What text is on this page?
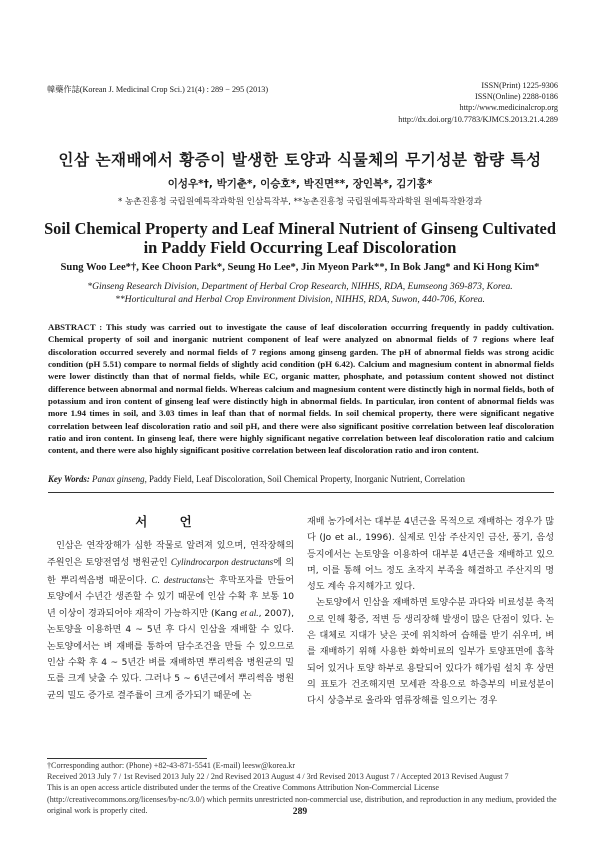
韓藥作誌(Korean J. Medicinal Crop Sci.) 21(4) : 289 − 295 (2013)	ISSN(Print) 1225-9306
ISSN(Online) 2288-0186
http://www.medicinalcrop.org
http://dx.doi.org/10.7783/KJMCS.2013.21.4.289
인삼 논재배에서 황증이 발생한 토양과 식물체의 무기성분 함량 특성
이성우*†, 박기춘*, 이승호*, 박진면**, 장인복*, 김기홍*
* 농촌진흥청 국립원예특작과학원 인삼특작부, **농촌진흥청 국립원예특작과학원 원예특작환경과
Soil Chemical Property and Leaf Mineral Nutrient of Ginseng Cultivated
in Paddy Field Occurring Leaf Discoloration
Sung Woo Lee*†, Kee Choon Park*, Seung Ho Lee*, Jin Myeon Park**, In Bok Jang* and Ki Hong Kim*
*Ginseng Research Division, Department of Herbal Crop Research, NIHHS, RDA, Eumseong 369-873, Korea.
**Horticultural and Herbal Crop Environment Division, NIHHS, RDA, Suwon, 440-706, Korea.
ABSTRACT : This study was carried out to investigate the cause of leaf discoloration occurring frequently in paddy cultivation. Chemical property of soil and inorganic nutrient component of leaf were analyzed on abnormal fields of 7 regions where leaf discoloration occurred severely and normal fields of 7 regions among ginseng garden. The pH of abnormal fields was strong acidic condition (pH 5.51) compare to normal fields of slightly acid condition (pH 6.42). Calcium and magnesium content in abnormal fields were lower distinctly than that of normal fields, while EC, organic matter, phosphate, and potassium content showed not distinct difference between abnormal and normal fields. Whereas calcium and magnesium content were distinctly high in normal fields, both of potassium and iron content of ginseng leaf were distinctly high in abnormal fields. In particular, iron content of abnormal fields was more 1.94 times in soil, and 3.03 times in leaf than that of normal fields. In soil chemical property, there were significant negative correlation between leaf discoloration ratio and soil pH, and there were also significant positive correlation between leaf discoloration ratio and iron content. In ginseng leaf, there were highly significant negative correlation between leaf discoloration ratio and calcium content, and there were also highly significant positive correlation between leaf discoloration ratio and iron content.
Key Words: Panax ginseng, Paddy Field, Leaf Discoloration, Soil Chemical Property, Inorganic Nutrient, Correlation
서 언

인삼은 연작장해가 심한 작물로 알려져 있으며, 연작장해의 주원인은 토양전염성 병원균인 Cylindrocarpon destructans에 의한 뿌리썩음병 때문이다. C. destructans는 후막포자를 만들어 토양에서 수년간 생존할 수 있기 때문에 인삼 수확 후 보통 10년 이상이 경과되어야 재작이 가능하지만 (Kang et al., 2007), 논토양을 이용하면 4 ~ 5년 후 다시 인삼을 재배할 수 있다. 논토양에서는 벼 재배를 통하여 담수조건을 만들 수 있으므로 인삼 수확 후 4 ~ 5년간 벼를 재배하면 뿌리썩음 병원균의 밀도를 크게 낮출 수 있다. 그러나 5 ~ 6년근에서 뿌리썩음 병원균의 밀도 증가로 결주률이 크게 증가되기 때문에 논

재배 농가에서는 대부분 4년근을 목적으로 재배하는 경우가 많다 (Jo et al., 1996). 실제로 인삼 주산지인 금산, 풍기, 음성 등지에서는 논토양을 이용하여 대부분 4년근을 재배하고 있으며, 이를 통해 어느 정도 초작지 부족을 해결하고 주산지의 명성도 계속 유지해가고 있다.

논토양에서 인삼을 재배하면 토양수분 과다와 비료성분 축적으로 인해 황증, 적변 등 생리장해 발생이 많은 단점이 있다. 논은 대체로 지대가 낮은 곳에 위치하여 습해를 받기 쉬우며, 벼를 재배하기 위해 사용한 화학비료의 일부가 토양표면에 흡착되어 있거나 토양 하부로 용탈되어 있다가 해가림 설치 후 상면의 표토가 건조해지면 모세관 작용으로 하층부의 비료성분이 다시 상층부로 올라와 염류장해를 일으키는 경우

†Corresponding author: (Phone) +82-43-871-5541 (E-mail) leesw@korea.kr
Received 2013 July 7 / 1st Revised 2013 July 22 / 2nd Revised 2013 August 4 / 3rd Revised 2013 August 7 / Accepted 2013 Revised August 7
This is an open access article distributed under the terms of the Creative Commons Attribution Non-Commercial License (http://creativecommons.org/licenses/by-nc/3.0/) which permits unrestricted non-commercial use, distribution, and reproduction in any medium, provided the original work is properly cited.	289
